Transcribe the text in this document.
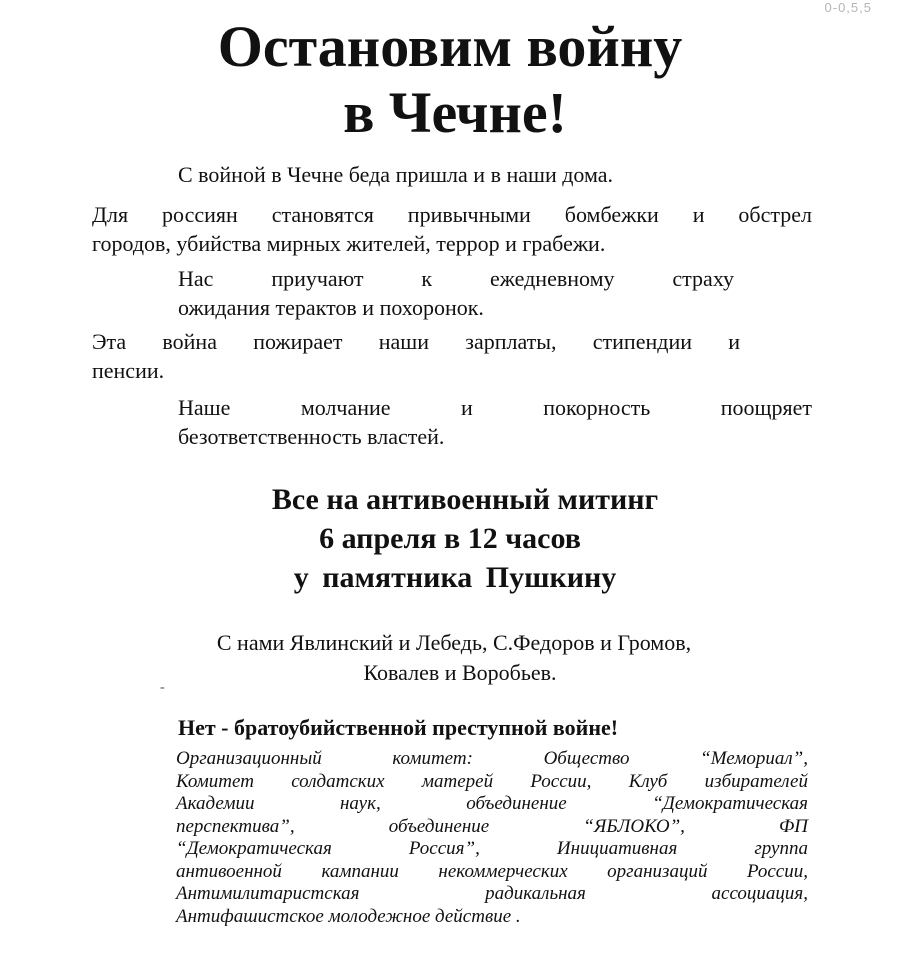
0-0,5,5
Остановим войну
в Чечне!
С войной в Чечне беда пришла и в наши дома.
Для россиян становятся привычными бомбежки и обстрел
городов, убийства мирных жителей, террор и грабежи.
Нас приучают к ежедневному страху
ожидания терактов и похоронок.
Эта война пожирает наши зарплаты, стипендии и
пенсии.
Наше молчание и покорность поощряет
безответственность властей.
Все на антивоенный митинг
6 апреля в 12 часов
у памятника Пушкину
С нами Явлинский и Лебедь, С.Федоров и Громов,
Ковалев и Воробьев.
-
Нет - братоубийственной преступной войне!
Организационный комитет: Общество “Мемориал”,
Комитет солдатских матерей России, Клуб избирателей
Академии наук, объединение “Демократическая
перспектива”, объединение “ЯБЛОКО”, ФП
“Демократическая Россия”, Инициативная группа
антивоенной кампании некоммерческих организаций России,
Антимилитаристская радикальная ассоциация,
Антифашистское молодежное действие .
